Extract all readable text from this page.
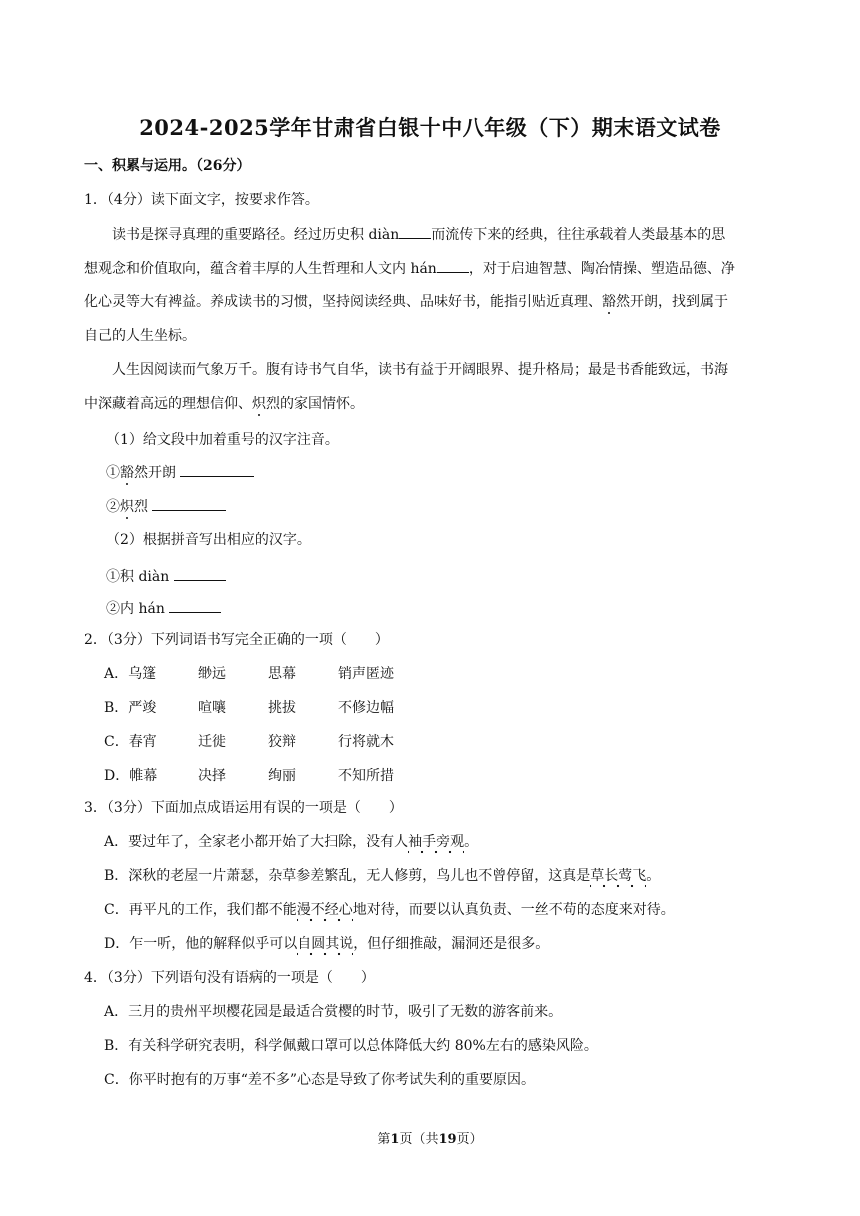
2024-2025学年甘肃省白银十中八年级（下）期末语文试卷
一、积累与运用。（26分）
1．（4分）读下面文字，按要求作答。
读书是探寻真理的重要路径。经过历史积 diàn 而流传下来的经典，往往承载着人类最基本的思
想观念和价值取向，蕴含着丰厚的人生哲理和人文内 hán ，对于启迪智慧、陶冶情操、塑造品德、净
化心灵等大有裨益。养成读书的习惯，坚持阅读经典、品味好书，能指引贴近真理、豁然开朗，找到属于
自己的人生坐标。
人生因阅读而气象万千。腹有诗书气自华，读书有益于开阔眼界、提升格局；最是书香能致远，书海
中深藏着高远的理想信仰、炽烈的家国情怀。
（1）给文段中加着重号的汉字注音。
①豁然开朗
②炽烈
（2）根据拼音写出相应的汉字。
①积 diàn
②内 hán
2．（3分）下列词语书写完全正确的一项（　　）
A．乌篷	缈远	思幕	销声匿迹
B．严竣	喧嚷	挑拔	不修边幅
C．春宵	迁徙	狡辩	行将就木
D．帷幕	决择	绚丽	不知所措
3．（3分）下面加点成语运用有误的一项是（　　）
A．要过年了，全家老小都开始了大扫除，没有人袖手旁观。
B．深秋的老屋一片萧瑟，杂草参差繁乱，无人修剪，鸟儿也不曾停留，这真是草长莺飞。
C．再平凡的工作，我们都不能漫不经心地对待，而要以认真负责、一丝不苟的态度来对待。
D．乍一听，他的解释似乎可以自圆其说，但仔细推敲，漏洞还是很多。
4．（3分）下列语句没有语病的一项是（　　）
A．三月的贵州平坝樱花园是最适合赏樱的时节，吸引了无数的游客前来。
B．有关科学研究表明，科学佩戴口罩可以总体降低大约 80%左右的感染风险。
C．你平时抱有的万事“差不多”心态是导致了你考试失利的重要原因。
第1页（共19页）
